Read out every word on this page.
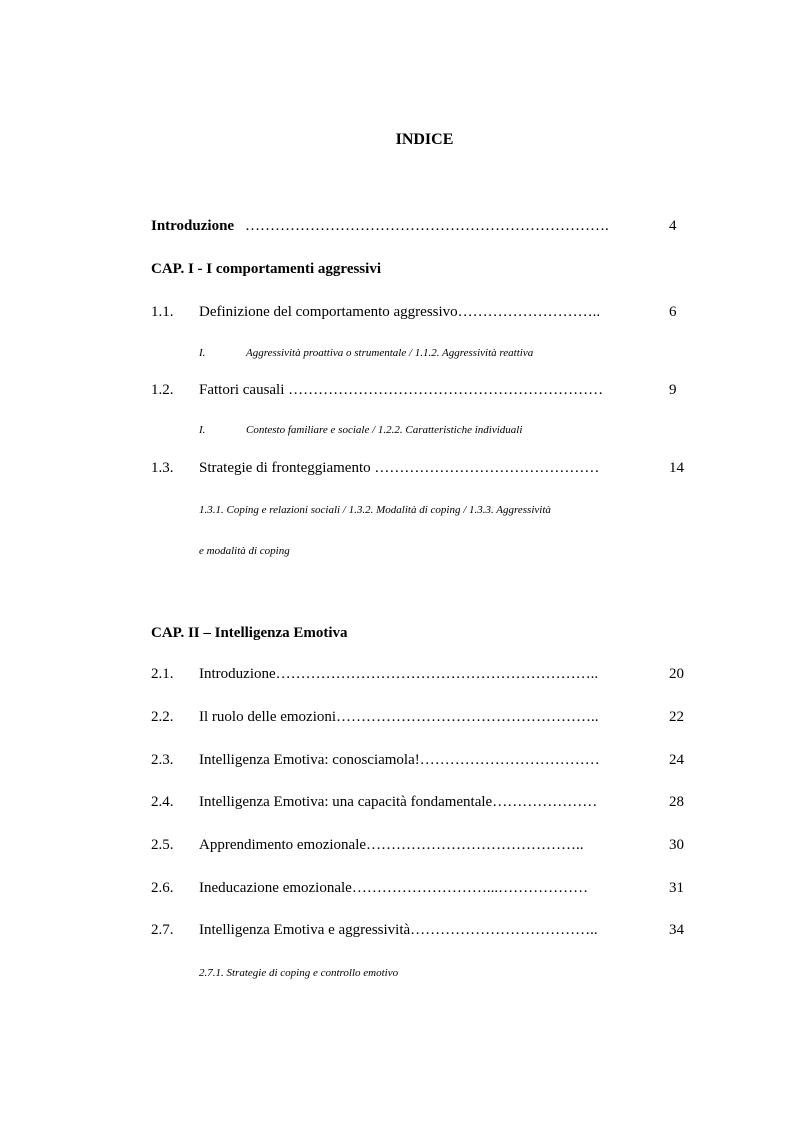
INDICE
Introduzione ……………………………………………………………….	4
CAP. I - I comportamenti aggressivi
1.1. Definizione del comportamento aggressivo………………………..	6
I.	Aggressività proattiva o strumentale / 1.1.2. Aggressività reattiva
1.2. Fattori causali ………………………………………………………	9
I.	Contesto familiare e sociale / 1.2.2. Caratteristiche individuali
1.3. Strategie di fronteggiamento ………………………………………	14
1.3.1. Coping e relazioni sociali / 1.3.2. Modalità di coping / 1.3.3. Aggressività
e modalità di coping
CAP. II – Intelligenza Emotiva
2.1. Introduzione………………………………………………………..	20
2.2. Il ruolo delle emozioni……………………………………………..	22
2.3. Intelligenza Emotiva: conosciamola!………………………………	24
2.4. Intelligenza Emotiva: una capacità fondamentale…………………	28
2.5. Apprendimento emozionale……………………………………..	30
2.6. Ineducazione emozionale………………………...………………	31
2.7. Intelligenza Emotiva e aggressività………………………………..	34
2.7.1. Strategie di coping e controllo emotivo
